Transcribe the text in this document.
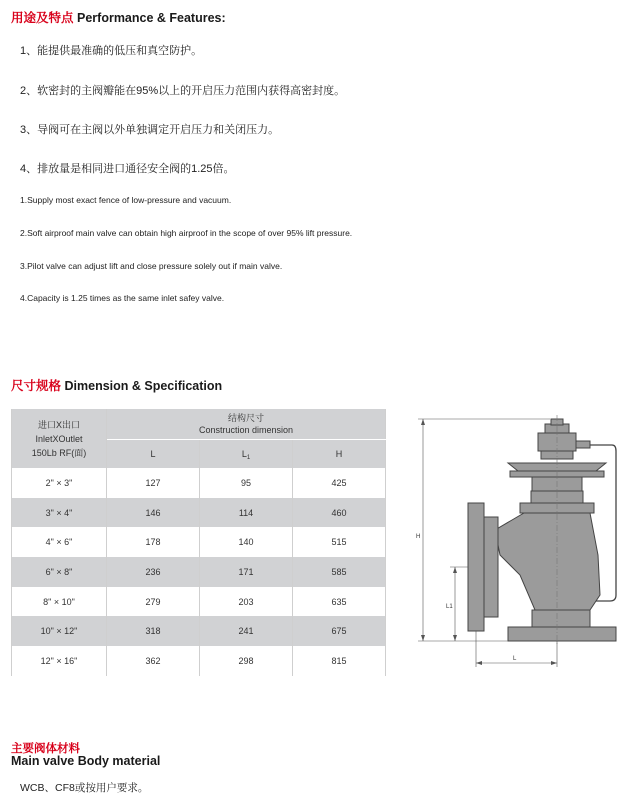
用途及特点 Performance & Features:
1、能提供最准确的低压和真空防护。
2、软密封的主阀瓣能在95%以上的开启压力范围内获得高密封度。
3、导阀可在主阀以外单独调定开启压力和关闭压力。
4、排放量是相同进口通径安全阀的1.25倍。
1.Supply most exact fence of low-pressure and vacuum.
2.Soft airproof main valve can obtain high airproof in the scope of over 95% lift pressure.
3.Pilot valve can adjust lift and close pressure solely out if main valve.
4.Capacity is 1.25 times as the same inlet safey valve.
尺寸规格 Dimension & Specification
进口X出口
InletXOutlet
150Lb RF(面)	结构尺寸
Construction dimension		
	L	$L_1$	H
2" × 3"	127	95	425
3" × 4"	146	114	460
4" × 6"	178	140	515
6" × 8"	236	171	585
8" × 10"	279	203	635
10" × 12"	318	241	675
12" × 16"	362	298	815
H
L1
L
主要阀体材料
Main valve Body material
WCB、CF8或按用户要求。
